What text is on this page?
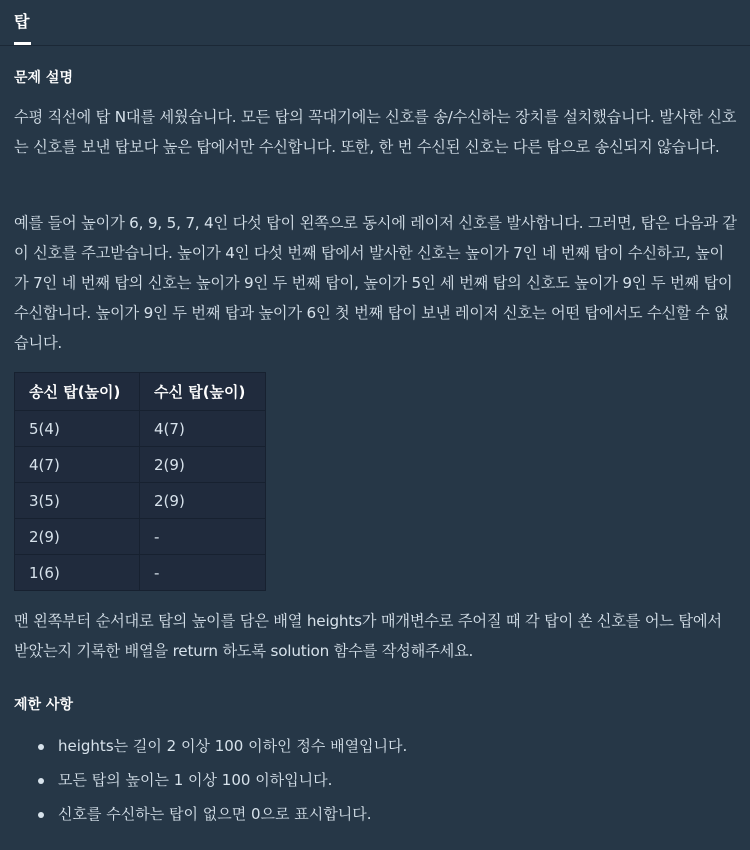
탑
문제 설명

수평 직선에 탑 N대를 세웠습니다. 모든 탑의 꼭대기에는 신호를 송/수신하는 장치를 설치했습니다. 발사한 신호는 신호를 보낸 탑보다 높은 탑에서만 수신합니다. 또한, 한 번 수신된 신호는 다른 탑으로 송신되지 않습니다.

예를 들어 높이가 6, 9, 5, 7, 4인 다섯 탑이 왼쪽으로 동시에 레이저 신호를 발사합니다. 그러면, 탑은 다음과 같이 신호를 주고받습니다. 높이가 4인 다섯 번째 탑에서 발사한 신호는 높이가 7인 네 번째 탑이 수신하고, 높이가 7인 네 번째 탑의 신호는 높이가 9인 두 번째 탑이, 높이가 5인 세 번째 탑의 신호도 높이가 9인 두 번째 탑이 수신합니다. 높이가 9인 두 번째 탑과 높이가 6인 첫 번째 탑이 보낸 레이저 신호는 어떤 탑에서도 수신할 수 없습니다.

송신 탑(높이)	수신 탑(높이)
5(4)	4(7)
4(7)	2(9)
3(5)	2(9)
2(9)	-
1(6)	-

맨 왼쪽부터 순서대로 탑의 높이를 담은 배열 heights가 매개변수로 주어질 때 각 탑이 쏜 신호를 어느 탑에서 받았는지 기록한 배열을 return 하도록 solution 함수를 작성해주세요.

제한 사항
heights는 길이 2 이상 100 이하인 정수 배열입니다.
모든 탑의 높이는 1 이상 100 이하입니다.
신호를 수신하는 탑이 없으면 0으로 표시합니다.
